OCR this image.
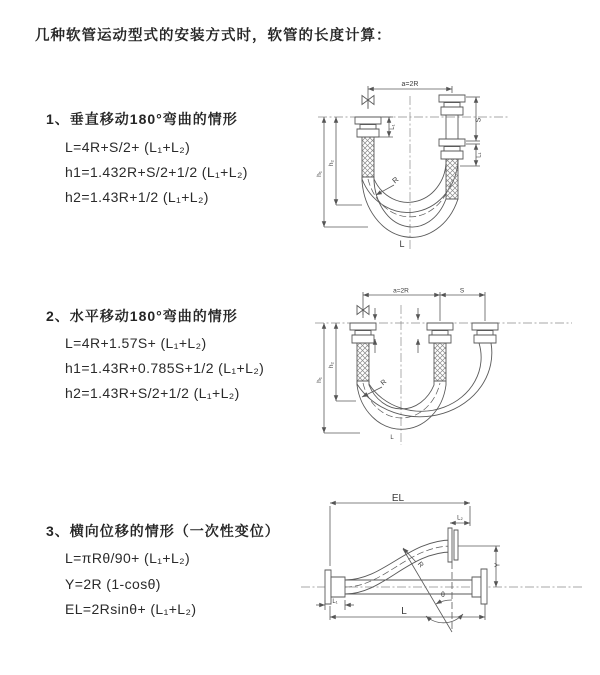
几种软管运动型式的安装方式时，软管的长度计算：
1、垂直移动180°弯曲的情形
L=4R+S/2+ (L₁+L₂)
h1=1.432R+S/2+1/2 (L₁+L₂)
h2=1.43R+1/2 (L₁+L₂)
2、水平移动180°弯曲的情形
L=4R+1.57S+ (L₁+L₂)
h1=1.43R+0.785S+1/2 (L₁+L₂)
h2=1.43R+S/2+1/2 (L₁+L₂)
3、横向位移的情形（一次性变位）
L=πRθ/90+ (L₁+L₂)
Y=2R (1-cosθ)
EL=2Rsinθ+ (L₁+L₂)
a=2R
S
L₁
L₁
h₁
h₂
R
L
a=2R	S
h₁
h₂
R
L
EL
L₂
Y
R
θ
L
L₁
